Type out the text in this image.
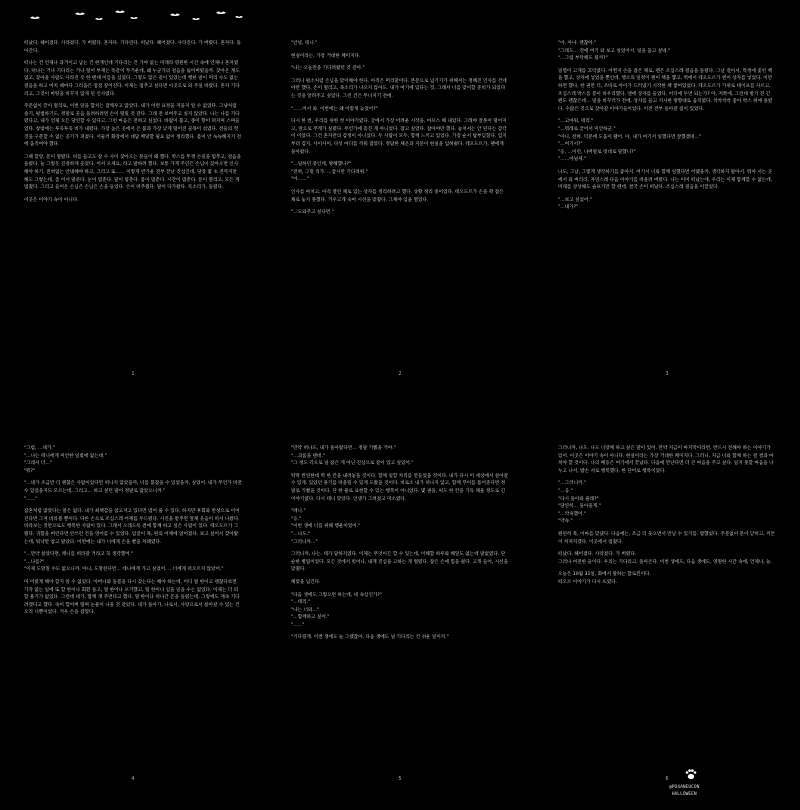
떠났다. 헤어졌다. 사라졌다. 가 버렸다. 혼자다. 기다린다. 떠났다. 헤어졌다. 사라진다. 가 버렸다. 혼자다. 돌아간다.

떠나는 건 언제나 과거이고 남는 건 현재인데 기다리는 건 가야 없는 미래라 영원한 시간 속에 언제나 혼자였다. 떠나는 거나 기다리는 거나 떨어 부재는 똑같이 무거운데, 왜 누군가의 걸음을 잃어버렸을까. 찾아온 계도 없고, 찾아올 사람도 사라진 듯 한 텐데 이름을 심었다. 그렇도 않은 길이 있었는데 행한 말이 머리 수도 없는 걸음을 하고 마치 때마다 그리움은 점점 깊어진다. 이제는 멈추고 싶다면 이곳으로 와 주실 바랐다. 혼자 기다리고, 그것이 마땅을 바꾸지 않게 된 인사였다.

주문없이 끝이 멀리로, 이번 달을 합치는 잠깨우고 않았다. 내가 어떤 표정을 지을지 알 수 없었다. 그냥처럼 솔기, 평범하기도, 정말로 웃음 돌려하려면 손이 떨릴 것 같다. 그래 전 보여주고 싶지 않았다. 나는 나를 기다렸다고, 내가 언제 오든 당연할 수 있다고, 그런 마음은 전하고 싶었다. 바람이 불고, 종이 향이 퍼지며 스며들었다. 창밖에는 투욱투욱 비가 내렸다. 가장 높은 곳에서 온 불과 가장 낮게 떨어진 골목이 섞였다. 전들의 헛것을 구분할 수 없는 공기가 퍼졌다. 서둘러 화장에서 대답 배달할 필요 없이 정리했다. 폼이 안 녹녹해지기 전에 움직여야 했다.

그때 할랑, 문이 열렸다. 비를 들고도 갈 수 사이 찾아오는 분들이 왜 했다. 박스를 뚜껑 손길을 멈추고, 걸음을 돌렸다. 늘 그렇듯 진정하게 웃었다. 어서 오세요, 라고 말하려 했다. 보통 가게 주인은 손님이 찾아오면 인사해야 하기, 전혀없는 안내해야 하고, 그리고 또…… 이렇게 반가운 전부 끝난 진심인데, 당장 몇 초 전까지만 해도 그렇는데, 좀 어서 말준다. 눈이 멈춘다. 말이 멈춘다. 몸이 멈춘다. 시간이 멈춘다. 문이 열리고, 모든 게 멈췄다. 그리고 들어온 손님은 손님은 손을 들었다. 손이 떠추췄다. 말이 다가왔다. 록소리가, 돌렸다.

이곳은 이야기 속이 아니다.

1

"안녕, 테니."

현실이라는, 가장 거대한 페이지다.

"나는 오늘만을 기다려왔던 것 같아."

그러니 평소처럼 손님을 맞이해야 한다. 아직은 머리맡이다. 본문으로 넘기기가 위해서는 정해진 인사를 건네야만 했다. 손이 떨리고, 목소리가 나오지 않아도. 내가 여기에 있다는 것, 그래서 너를 맞이할 준비가 되었다는 것을 알려주고 싶었다. 그런 건은 무너지기 전에.

"……어서 와. 이번에는 왜 이렇게 늦었어?"

다시 한 번, 우리를 위한 첫 이야기였다. 글에서 가장 어려운 시작을, 마포스 해 내었다. 그래야 잘못이 떨어지고, 앞으로 무게가 실렸다. 무언가에 흩진 게 아니었다. 잡고 싶었다. 잡아야만 했다. 놓쳐서는 안 된다는 감각이 이었다. 그건 혼자만의 감정이 아니었다. 두 사람이 모두, 함께 느끼고 있었다. 가장 순서 탐부딪혔다. 엄지부터 검지, 사이사이, 다섯 마디를 끼워 잡았다. 정답한 체온과 지문이 현실을 입혀줬다. 테오도르가, 팬에게 돌아왔다.

"…일하던 중인데, 방해했나?"
"전혀, 그럴 리가. …잠시만 기다려줘."
"아……"

인사를 마치고, 아직 열린 채로 있는 상자를 정리하려고 했다. 상황 정리 중이었다. 테오도르가 손을 꽉 잡은 채로 놓지 못했다. 거우고개 숙여 시선을 맞췄다. 그제야 입을 열었다.

"…도와주고 싶다면."

2

"아, 아냐. 괜찮아."
"그래도… 전에 여기 와 보고 싶었어서. 일을 돕고 싶네."
"…그럼 부탁해도 될까?"

일렬이 고개를 끄덕였다. 어쩐지 손을 잡은 채로, 펜은 조심스레 걸음을 돌렸다. 그날 걸어서, 특정에 꽃힌 책을 뽑고, 상자에 넣었을 뿐인데, 행소의 일정이 왠이 책을 뽑고, 벽에서 테오도르가 엔이 상자를 넣었다. 이만하면 했나, 한 권만 더, 조바로 아이가 드러냈기 시작한 책 쌓여있었다. 테오도르가 가위로 테이프를 자르고, 조심스레 박스를 봉이 바우리했다. 맨에 상자를 들었다. 어디에 두면 되는가? 아, 저쪽에, 그런데 방기 전 긴 펜도 괜찮은데… 말을 바꾸러가 전에, 상자를 들고 지시한 방향대로 움직였다. 착착착착 좋아 박스 위에 올렸다. 수많은 것으로 찾아갈 이야기들이었다. 이전 전부 돌아갈 집이 있었다.

"…고마워, 테리."
"…뭐래로 굳어서 미안하군."
"아니, 전혀. 덕분에 도움이 됐어. 아, 내가 여기서 일했다면 잘했겠네…"
"…여기서?"
"응, …이런, 나머말로 멋대로 말했니?"
"……아닐세."

나도, 그날, 그렇게 생각하기를 좋아서. 여기서 너와 함께 일했다면 어땠을까, 생각하지 말아서. 뭐야 서는 곳에서 와 버리라, 자연스레 다음 이야기를 떠올려 버렸다. 나는 이미 떠났는데, 우리는 이제 함께할 수 없는데, 미래를 상상해도 슬프기만 할 텐데. 결국 손이 떠났다. 조심스레 걸음을 이끌었다.

"…보고 싶었어."
"…내가?"

3

"그럼, …네가."
"…나는 테니에게 미안한 일밖에 없는데."
"그래서 더…"
"뭐?"

"…네가 조금만 더 괜찮은 사람이었다면 떠나지 않았을까, 너를 붙잡을 수 있었을까, 싶었어. 내가 무언가 바꿀 수 있었을지도 모르는데, 그리고… 하고 싶던 말이 정말로 많았으니까."
"……"

잡혼처럼 많았다는 말은 없다. 내가 최책감을 참고지고 있다면 멈어 줄 수 있다. 하지만 후회와 반성으로 이어진다면 그저 바라볼 뿐이다. 다른 손으로 조심스레 어깨를 두드렸다. 사진을 받추면 엎제 웃음이 떠서 나왔다. 바라보는 것만으로도 행복한 사람이 있다. 그래서 오래도록 곁에 함께 하고 싶은 사람이 있다. 테오도르가 그랬다. 귀함을 버린다면 안쓰런 건을 영어를 수 있었다. 엄굴이 목, 편의 어깨에 얹어졌다. 보고 싶어서 찾아왔는데, 워낙만 참고 말았다. 이번에는 내가 너에게 손을 뻗을 차례였다.

"…만약 살았다면, 깨니를 떠라갈 거라고 꼭 생각했어."
"…나를?"
"이제 도망칠 수도 없으니까. 아니, 도망친다면… 데니에게 가고 싶었어. …너에게 떠오르지 않았어."

미 어렸게 해야 할지 알 수 없었다. 아버나와 돌봄을 다시 찾는다는 해야 하는데, 어디 멀 한이고 괜찮다보면. 가작 없는 일에 또 할 한이나 회환 돌고, 멀 한이나 포기했고, 떨 한이나 입을 일을 수는 없었다. 이제는 더 피할 용기가 없었다. 그런데 네가, 함께 걔 주면다고 했다. 멀 한이나 떠나간 돈을 돌렸는데, 그렇에도 계속 기다려겠다고 했다. 속이 헐어버 떨며 눈물이 나올 것 같았다. 네가 돌아가, 나로서, 사랑으로서 살아갈 수 있는 건 오직 너뿐이었다. 겨우 손을 잡혔다.

4

"만약 떠나도, 내가 돌아왔다면… 정말 기뻤을 거야."
"…괴롭을 텐데."
"그 정도 각오로 널 잡은 게 아닌 진심으로 같이 있고 싶었어."

딱딱 완연한데 벽 한 칸을 내려놓을 것이다. 함께 일할 차리를 만들었을 것이다. 내가 다시 이 세상에서 살아갈 수 있게. 있었던 용기를 떠올릴 수 있게 도왔을 것이다. 비로소 내가 떠나지 않고, 함께 푸이를 틀어준다면 정말로 기뻤을 것이다. 단 한 줄로 표현할 수 있는 행복이 아니었다. 몇 권을, 써도 한 칸을 가득 채울 정도로 긴 이야기였다. 다시 테니 맞았다. 인생가 그려졌고 미소였다.

"테니."
"응."
"이번 생에 너를 위해 행운이었어."
"…나도."
"그러니까…"

그러니까, 나는. 테가 답하지였다. 이제는 무엇이든 할 수 있는데, 이해할 하루와 해잎도 없는데 말없였다. 단순한 별림이었다. 모든 것에서 빗어나, 내게 진심을 고하는 게 떨렸다. 잡은 손에 힘을 줬다. 고개 들어, 시선을 맞췄다.

해맞을 넘긴다.

"다음 생에도 그렇으면 하는데, 네 속심인가?"
"…테리."
"나는 너와…"
"…함께하고 싶어."
"……"

"기다릴게. 이번 생에도 늘 그랬잖아. 다음 생에도 널 기다리는 건 쉬운 일이지."

5

그러니까, 나도. 나도 너랑께 하고 싶은 말이 있어. 만약 지금이 마지막이라면, 반드시 전해야 하는 이야기가 있어. 이곳은 이야기 속이 아니다. 현실이라는 가장 거대한 페이지다. 그러니, 지금 너와 함께 하는 걸 결과 마쳐야 할 것이다. 나의 배웅은 여기에서 끝났다. 다음에 만난다면 더 큰 마음을 주고 싶다. 일지 못할 마음을 나누고 나서, 밥손 서로 행복했다. 한 단어로 행복이었다.

"…그러니까."
"…응."
"다시 돌아와 줄래?"
"당연히… 돌아올게."
"…약속했어."
"약속."

원된히 북, 이마를 맞댔다. 다음에는, 조금 더 웃으면서 만날 수 있기를. 밤했었다. 주문없이 문이 닫히고, 커튼이 쳐져지겠다. 이곳에서 멈췄다.

떠났다. 헤어졌다. 사라졌다. 가 버렸다.
그러나 여전한 들이다. 우리는 기다리고, 돌아온다. 이번 생에도, 다음 생에도, 영원한 시간 속에, 언제나, 늘.

오늘은 10월 31일, 화에서 말하는 할로윈이다.
떠오르 이야기가 다시 뜨였다.

@PO4ANEUCON
HALLOWEEN
6
